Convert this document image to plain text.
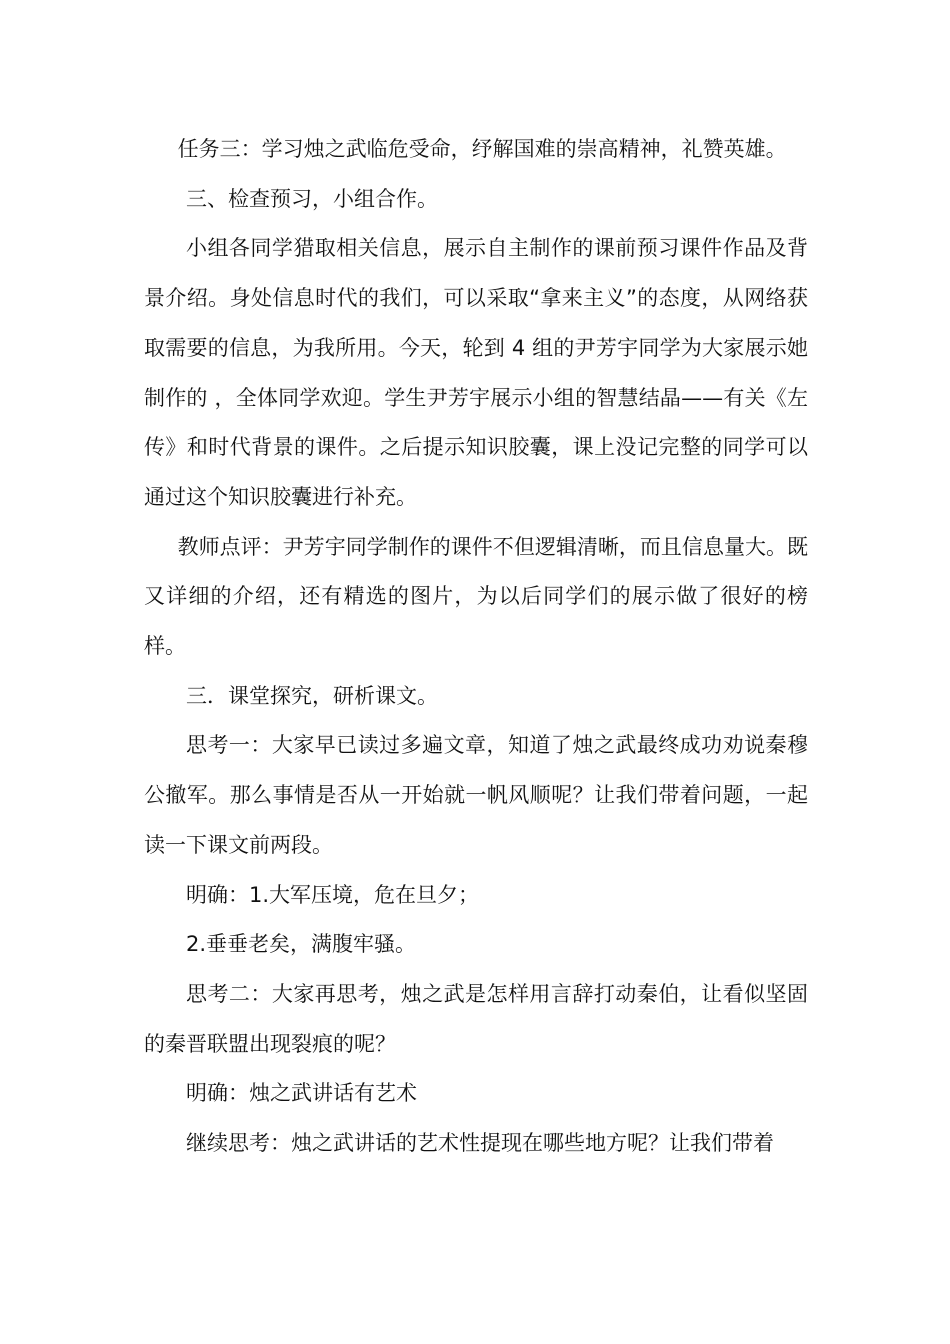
任务三：学习烛之武临危受命，纾解国难的崇高精神，礼赞英雄。

三、检查预习，小组合作。

小组各同学猎取相关信息，展示自主制作的课前预习课件作品及背景介绍。身处信息时代的我们，可以采取“拿来主义”的态度，从网络获取需要的信息，为我所用。今天，轮到 4 组的尹芳宇同学为大家展示她制作的 ，全体同学欢迎。学生尹芳宇展示小组的智慧结晶——有关《左传》和时代背景的课件。之后提示知识胶囊，课上没记完整的同学可以通过这个知识胶囊进行补充。

教师点评：尹芳宇同学制作的课件不但逻辑清晰，而且信息量大。既又详细的介绍，还有精选的图片，为以后同学们的展示做了很好的榜样。

三．课堂探究，研析课文。

思考一：大家早已读过多遍文章，知道了烛之武最终成功劝说秦穆公撤军。那么事情是否从一开始就一帆风顺呢？让我们带着问题，一起读一下课文前两段。

明确：1.大军压境，危在旦夕；

2.垂垂老矣，满腹牢骚。

思考二：大家再思考，烛之武是怎样用言辞打动秦伯，让看似坚固的秦晋联盟出现裂痕的呢？

明确：烛之武讲话有艺术

继续思考：烛之武讲话的艺术性提现在哪些地方呢？让我们带着
